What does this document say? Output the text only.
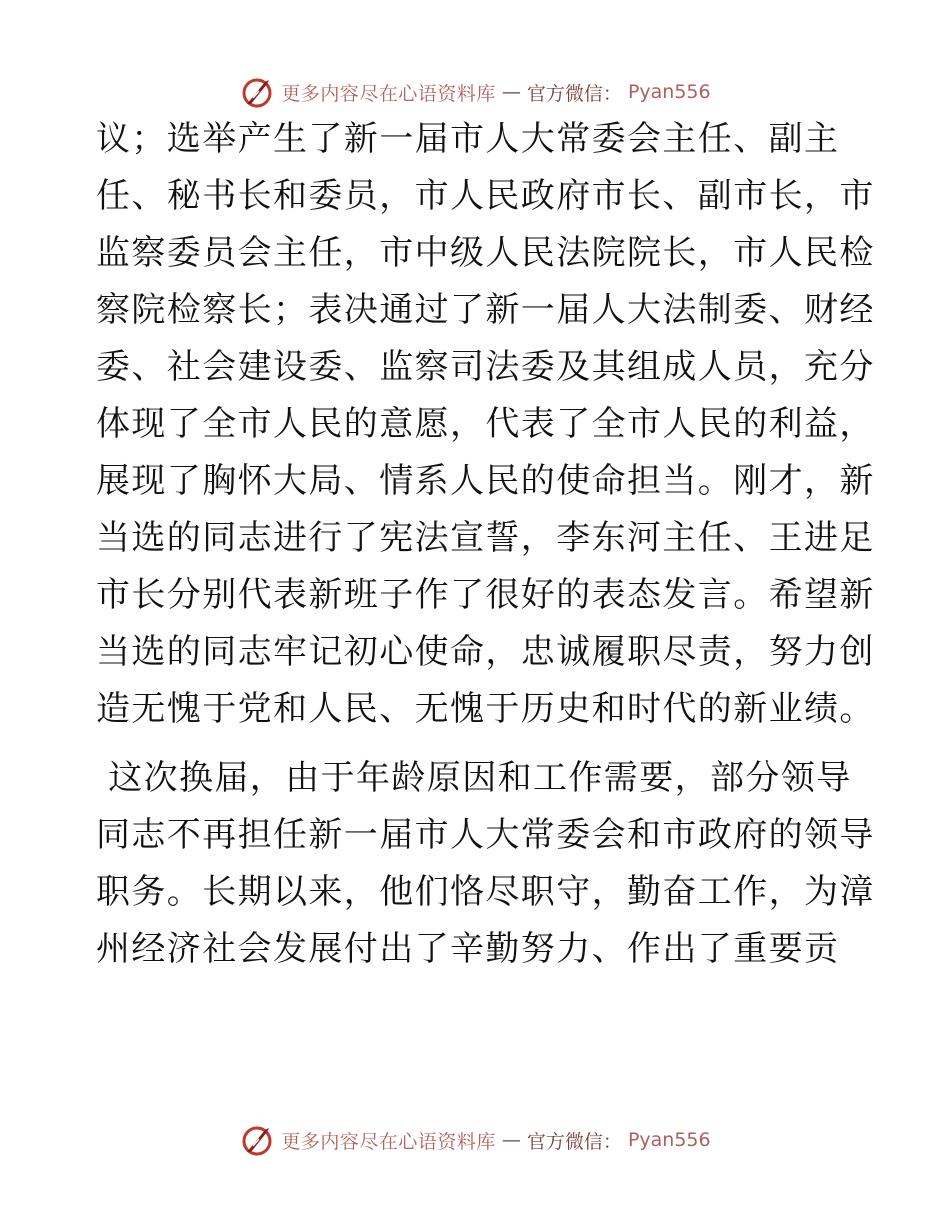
更多内容尽在心语资料库 — 官方微信： Pyan556
议；选举产生了新一届市人大常委会主任、副主
任、秘书长和委员，市人民政府市长、副市长，市
监察委员会主任，市中级人民法院院长，市人民检
察院检察长；表决通过了新一届人大法制委、财经
委、社会建设委、监察司法委及其组成人员，充分
体现了全市人民的意愿，代表了全市人民的利益，
展现了胸怀大局、情系人民的使命担当。刚才，新
当选的同志进行了宪法宣誓，李东河主任、王进足
市长分别代表新班子作了很好的表态发言。希望新
当选的同志牢记初心使命，忠诚履职尽责，努力创
造无愧于党和人民、无愧于历史和时代的新业绩。
这次换届，由于年龄原因和工作需要，部分领导
同志不再担任新一届市人大常委会和市政府的领导
职务。长期以来，他们恪尽职守，勤奋工作，为漳
州经济社会发展付出了辛勤努力、作出了重要贡
更多内容尽在心语资料库 — 官方微信： Pyan556
